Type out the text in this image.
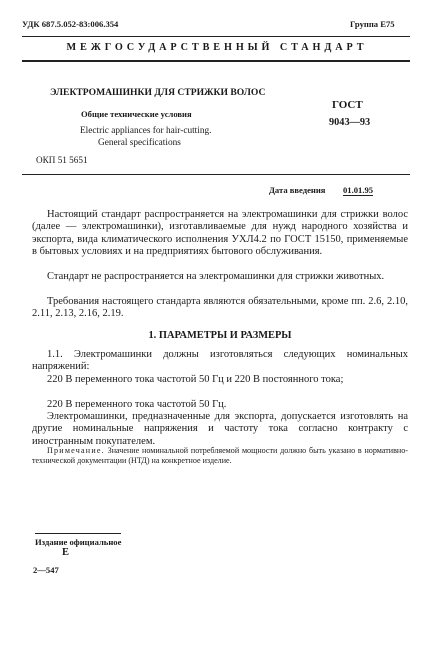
УДК 687.5.052-83:006.354	Группа Е75
МЕЖГОСУДАРСТВЕННЫЙ СТАНДАРТ
ЭЛЕКТРОМАШИНКИ ДЛЯ СТРИЖКИ ВОЛОС
Общие технические условия
Electric appliances for hair-cutting.
General specifications
ГОСТ
9043—93
ОКП 51 5651
Дата введения 01.01.95

Настоящий стандарт распространяется на электромашинки для стрижки волос (далее — электромашинки), изготавливаемые для нужд народного хозяйства и экспорта, вида климатического исполнения УХЛ4.2 по ГОСТ 15150, применяемые в бытовых условиях и на предприятиях бытового обслуживания.

Стандарт не распространяется на электромашинки для стрижки животных.

Требования настоящего стандарта являются обязательными, кроме пп. 2.6, 2.10, 2.11, 2.13, 2.16, 2.19.

1. ПАРАМЕТРЫ И РАЗМЕРЫ

1.1. Электромашинки должны изготовляться следующих номинальных напряжений:

220 В переменного тока частотой 50 Гц и 220 В постоянного тока;

220 В переменного тока частотой 50 Гц.

Электромашинки, предназначенные для экспорта, допускается изготовлять на другие номинальные напряжения и частоту тока согласно контракту с иностранным покупателем.

Примечание. Значение номинальной потребляемой мощности должно быть указано в нормативно-технической документации (НТД) на конкретное изделие.

Издание официальное
Е
2—547
